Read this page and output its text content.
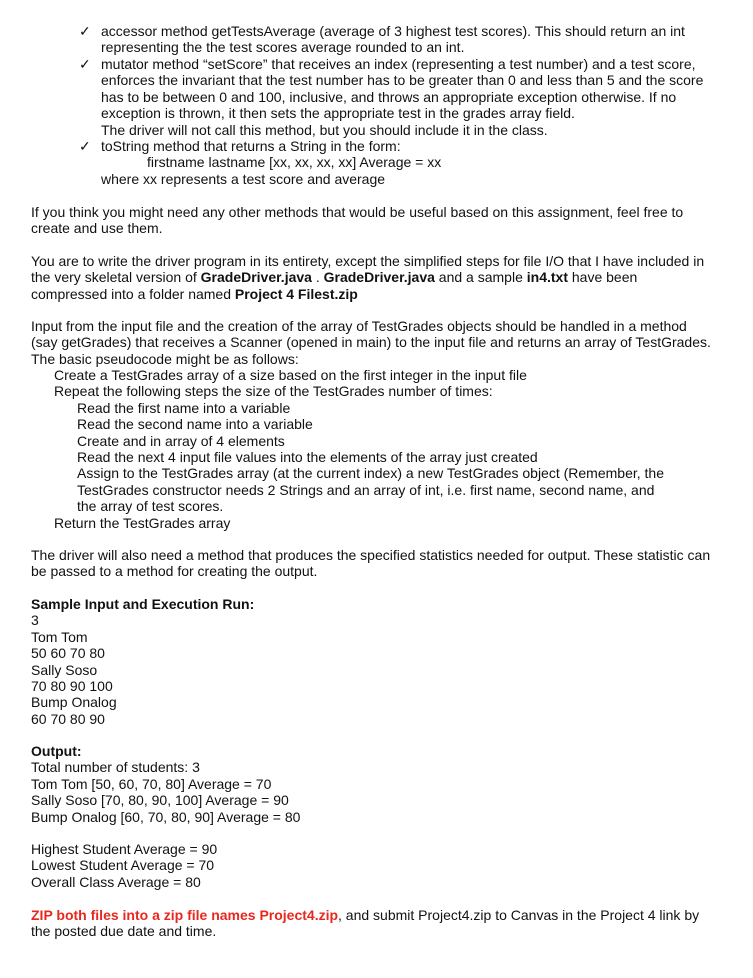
✓ accessor method getTestsAverage (average of 3 highest test scores). This should return an int
representing the the test scores average rounded to an int.
✓ mutator method “setScore” that receives an index (representing a test number) and a test score,
enforces the invariant that the test number has to be greater than 0 and less than 5 and the score
has to be between 0 and 100, inclusive, and throws an appropriate exception otherwise. If no
exception is thrown, it then sets the appropriate test in the grades array field.
The driver will not call this method, but you should include it in the class.
✓ toString method that returns a String in the form:
firstname lastname [xx, xx, xx, xx] Average = xx
where xx represents a test score and average
If you think you might need any other methods that would be useful based on this assignment, feel free to
create and use them.
You are to write the driver program in its entirety, except the simplified steps for file I/O that I have included in
the very skeletal version of GradeDriver.java . GradeDriver.java and a sample in4.txt have been
compressed into a folder named Project 4 Filest.zip
Input from the input file and the creation of the array of TestGrades objects should be handled in a method
(say getGrades) that receives a Scanner (opened in main) to the input file and returns an array of TestGrades.
The basic pseudocode might be as follows:
Create a TestGrades array of a size based on the first integer in the input file
Repeat the following steps the size of the TestGrades number of times:
Read the first name into a variable
Read the second name into a variable
Create and in array of 4 elements
Read the next 4 input file values into the elements of the array just created
Assign to the TestGrades array (at the current index) a new TestGrades object (Remember, the
TestGrades constructor needs 2 Strings and an array of int, i.e. first name, second name, and
the array of test scores.
Return the TestGrades array
The driver will also need a method that produces the specified statistics needed for output. These statistic can
be passed to a method for creating the output.
Sample Input and Execution Run:
3
Tom Tom
50 60 70 80
Sally Soso
70 80 90 100
Bump Onalog
60 70 80 90
Output:
Total number of students: 3
Tom Tom [50, 60, 70, 80] Average = 70
Sally Soso [70, 80, 90, 100] Average = 90
Bump Onalog [60, 70, 80, 90] Average = 80
Highest Student Average = 90
Lowest Student Average = 70
Overall Class Average = 80
ZIP both files into a zip file names Project4.zip, and submit Project4.zip to Canvas in the Project 4 link by
the posted due date and time.
